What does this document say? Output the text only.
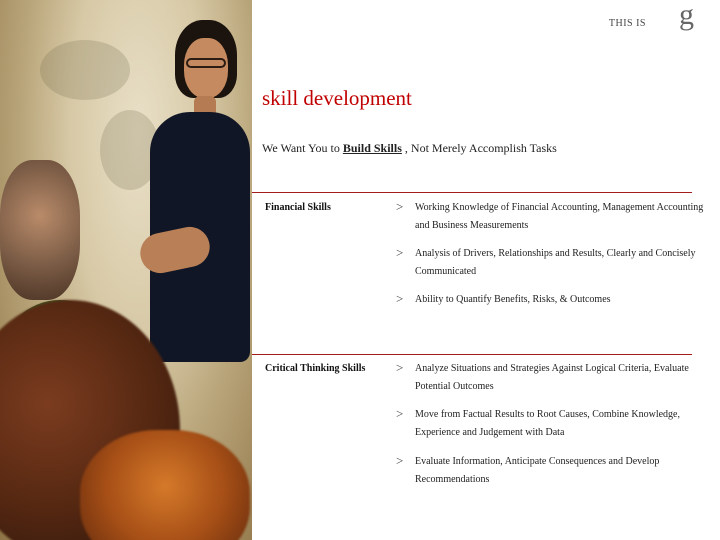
THIS IS g
skill development
We Want You to Build Skills , Not Merely Accomplish Tasks
Financial Skills	> Working Knowledge of Financial Accounting, Management Accounting and Business Measurements
> Analysis of Drivers, Relationships and Results, Clearly and Concisely Communicated
> Ability to Quantify Benefits, Risks, & Outcomes
Critical Thinking Skills > Analyze Situations and Strategies Against Logical Criteria, Evaluate Potential Outcomes
> Move from Factual Results to Root Causes, Combine Knowledge, Experience and Judgement with Data
> Evaluate Information, Anticipate Consequences and Develop Recommendations
